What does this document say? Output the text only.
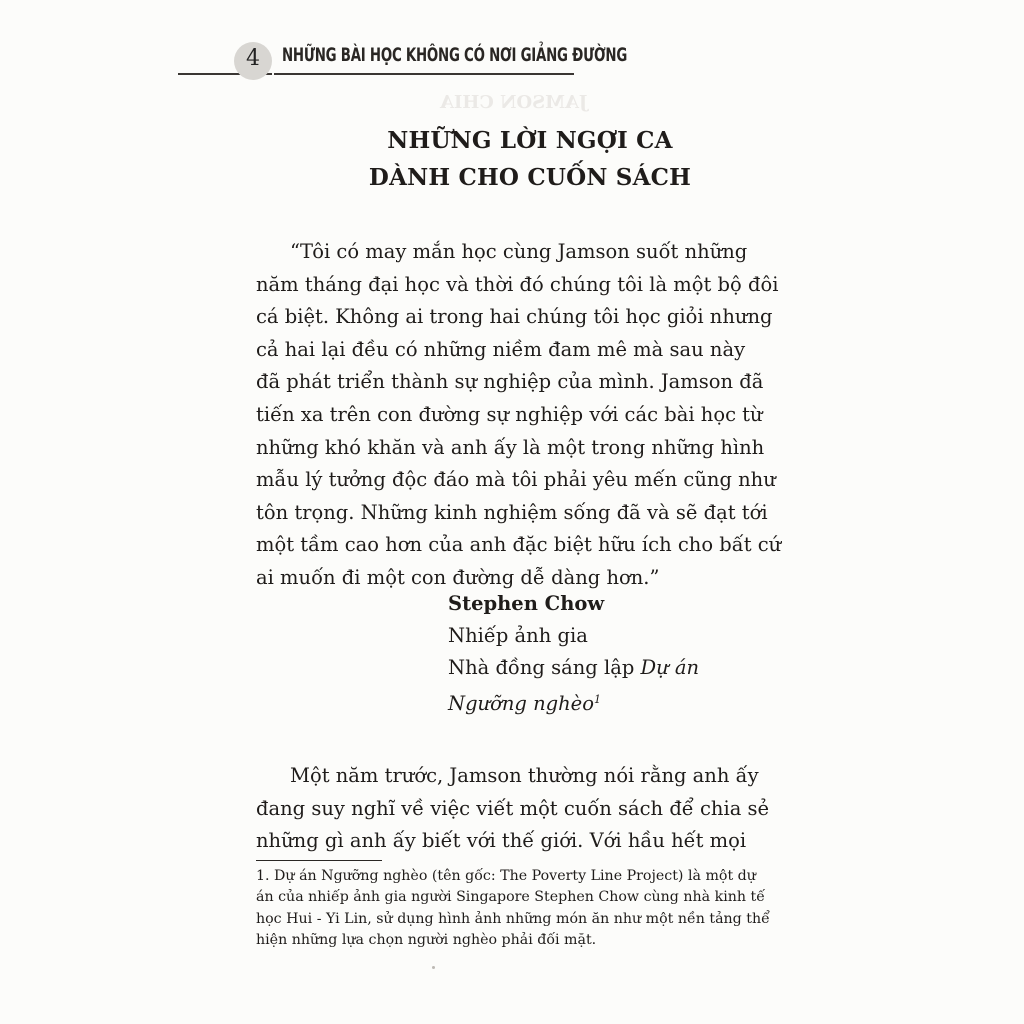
JAMSON CHIA
4	NHỮNG BÀI HỌC KHÔNG CÓ NƠI GIẢNG ĐƯỜNG
NHỮNG LỜI NGỢI CA
DÀNH CHO CUỐN SÁCH
“Tôi có may mắn học cùng Jamson suốt những
năm tháng đại học và thời đó chúng tôi là một bộ đôi
cá biệt. Không ai trong hai chúng tôi học giỏi nhưng
cả hai lại đều có những niềm đam mê mà sau này
đã phát triển thành sự nghiệp của mình. Jamson đã
tiến xa trên con đường sự nghiệp với các bài học từ
những khó khăn và anh ấy là một trong những hình
mẫu lý tưởng độc đáo mà tôi phải yêu mến cũng như
tôn trọng. Những kinh nghiệm sống đã và sẽ đạt tới
một tầm cao hơn của anh đặc biệt hữu ích cho bất cứ
ai muốn đi một con đường dễ dàng hơn.”
Stephen Chow
Nhiếp ảnh gia
Nhà đồng sáng lập Dự án
Ngưỡng nghèo$^1$
Một năm trước, Jamson thường nói rằng anh ấy
đang suy nghĩ về việc viết một cuốn sách để chia sẻ
những gì anh ấy biết với thế giới. Với hầu hết mọi
1. Dự án Ngưỡng nghèo (tên gốc: The Poverty Line Project) là một dự
án của nhiếp ảnh gia người Singapore Stephen Chow cùng nhà kinh tế
học Hui - Yi Lin, sử dụng hình ảnh những món ăn như một nền tảng thể
hiện những lựa chọn người nghèo phải đối mặt.
